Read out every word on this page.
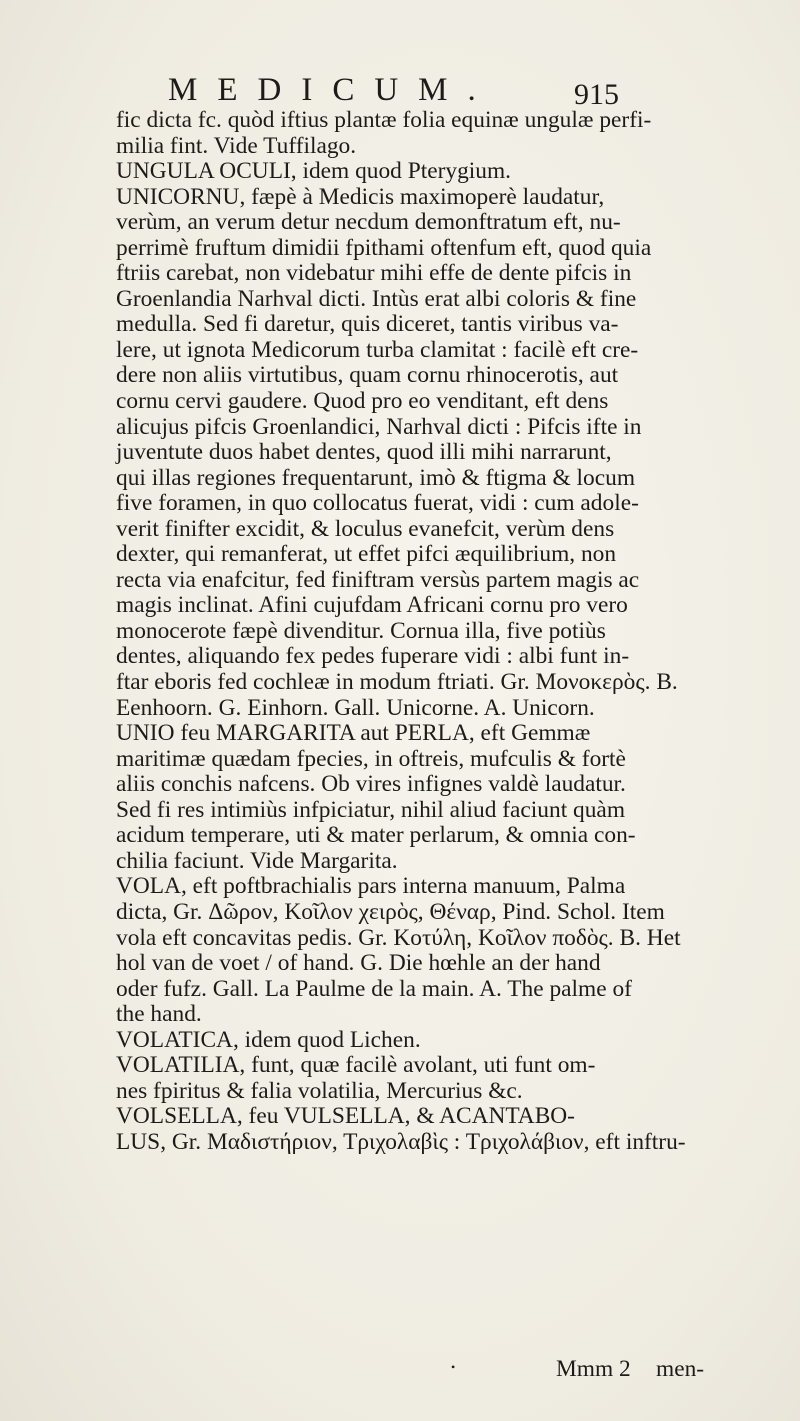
MEDICUM.	915
fic dicta fc. quòd iftius plantæ folia equinæ ungulæ perfi-
milia fint. Vide Tuffilago.
UNGULA OCULI, idem quod Pterygium.
UNICORNU, fæpè à Medicis maximoperè laudatur,
verùm, an verum detur necdum demonftratum eft, nu-
perrimè fruftum dimidii fpithami oftenfum eft, quod quia
ftriis carebat, non videbatur mihi effe de dente pifcis in
Groenlandia Narhval dicti. Intùs erat albi coloris & fine
medulla. Sed fi daretur, quis diceret, tantis viribus va-
lere, ut ignota Medicorum turba clamitat : facilè eft cre-
dere non aliis virtutibus, quam cornu rhinocerotis, aut
cornu cervi gaudere. Quod pro eo venditant, eft dens
alicujus pifcis Groenlandici, Narhval dicti : Pifcis ifte in
juventute duos habet dentes, quod illi mihi narrarunt,
qui illas regiones frequentarunt, imò & ftigma & locum
five foramen, in quo collocatus fuerat, vidi : cum adole-
verit finifter excidit, & loculus evanefcit, verùm dens
dexter, qui remanferat, ut effet pifci æquilibrium, non
recta via enafcitur, fed finiftram versùs partem magis ac
magis inclinat. Afini cujufdam Africani cornu pro vero
monocerote fæpè divenditur. Cornua illa, five potiùs
dentes, aliquando fex pedes fuperare vidi : albi funt in-
ftar eboris fed cochleæ in modum ftriati. Gr. Μονοκερὸς. B.
Eenhoorn. G. Einhorn. Gall. Unicorne. A. Unicorn.
UNIO feu MARGARITA aut PERLA, eft Gemmæ
maritimæ quædam fpecies, in oftreis, mufculis & fortè
aliis conchis nafcens. Ob vires infignes valdè laudatur.
Sed fi res intimiùs infpiciatur, nihil aliud faciunt quàm
acidum temperare, uti & mater perlarum, & omnia con-
chilia faciunt. Vide Margarita.
VOLA, eft poftbrachialis pars interna manuum, Palma
dicta, Gr. Δῶρον, Κοῖλον χειρὸς, Θέναρ, Pind. Schol. Item
vola eft concavitas pedis. Gr. Κοτύλη, Κοῖλον ποδὸς. B. Het
hol van de voet / of hand. G. Die hœhle an der hand
oder fufz. Gall. La Paulme de la main. A. The palme of
the hand.
VOLATICA, idem quod Lichen.
VOLATILIA, funt, quæ facilè avolant, uti funt om-
nes fpiritus & falia volatilia, Mercurius &c.
VOLSELLA, feu VULSELLA, & ACANTABO-
LUS, Gr. Μαδιστήριον, Τριχολαβὶς : Τριχολάβιον, eft inftru-
•	Mmm 2 men-
